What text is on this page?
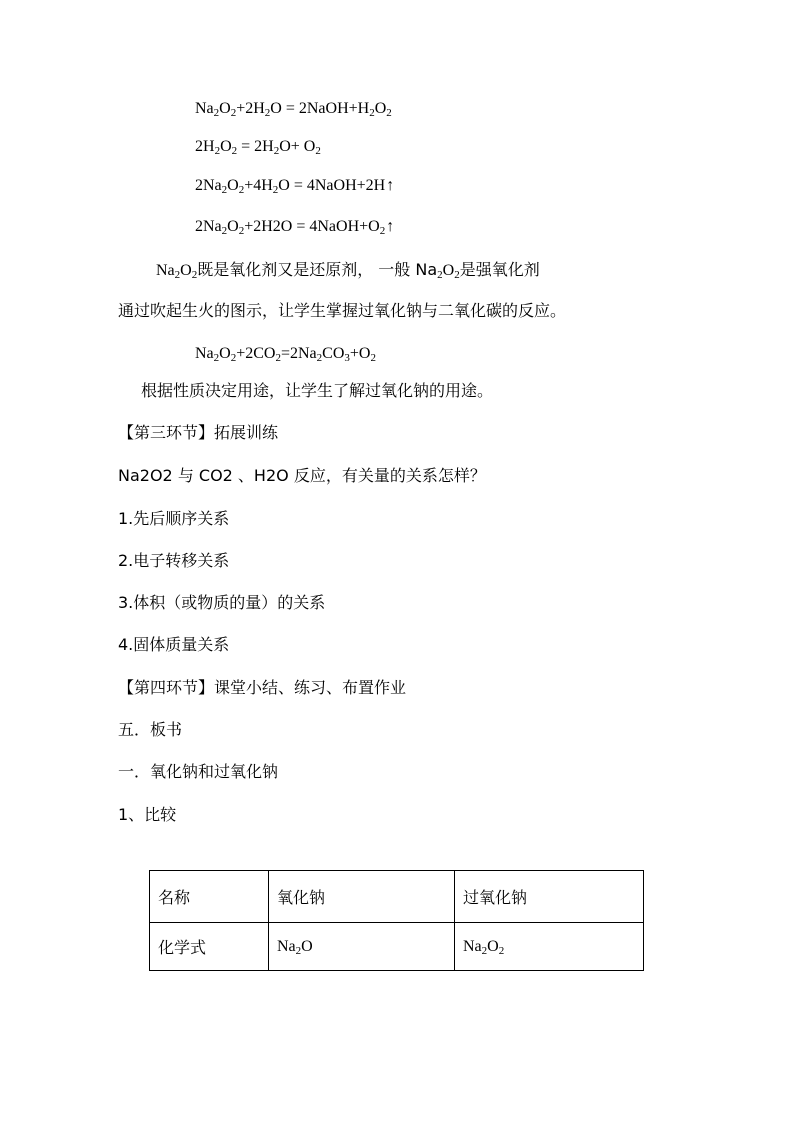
$Na_2O_2+2H_2O$ = $2NaOH+H_2O_2$
$2H_2O_2 = 2H_2O+ O_2$
$2Na_2O_2+4H_2O$ = 4NaOH+2H↑
$2Na_2O_2+2H2O$ = $4NaOH+O_2↑$
$Na_2O_2$既是氧化剂又是还原剂， 一般 $Na_2O_2$是强氧化剂
通过吹起生火的图示，让学生掌握过氧化钠与二氧化碳的反应。
$Na_2O_2+2CO_2=2Na_2CO_3+O_2$
根据性质决定用途，让学生了解过氧化钠的用途。
【第三环节】拓展训练
Na2O2 与 CO2 、H2O 反应，有关量的关系怎样？
1.先后顺序关系
2.电子转移关系
3.体积（或物质的量）的关系
4.固体质量关系
【第四环节】课堂小结、练习、布置作业
五．板书
一．氧化钠和过氧化钠
1、比较
名称	氧化钠	过氧化钠
化学式	$Na_2O$	$Na_2O_2$
